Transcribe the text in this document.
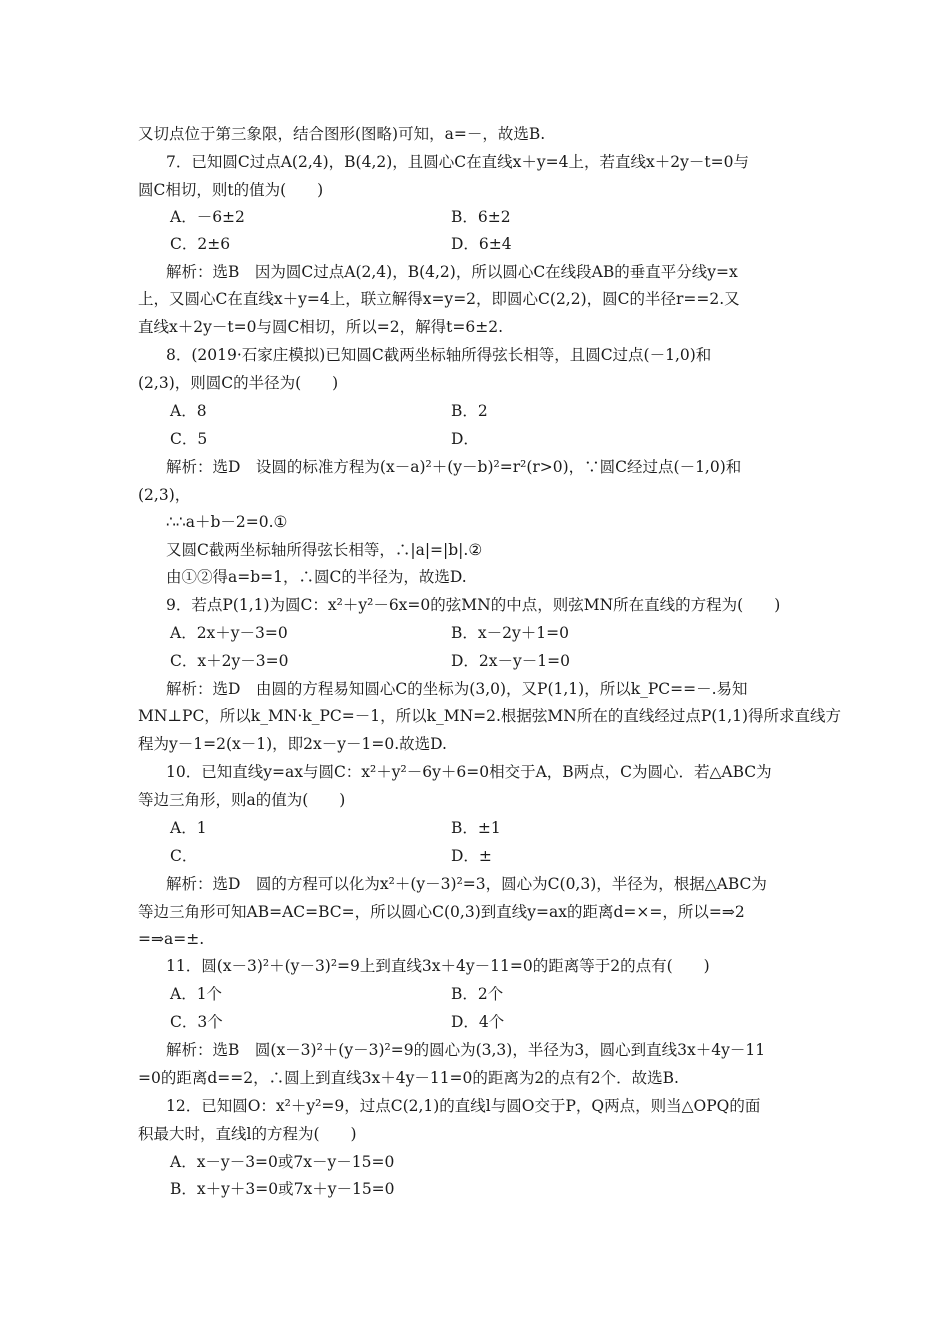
又切点位于第三象限，结合图形(图略)可知，a=－，故选B.
7．已知圆C过点A(2,4)，B(4,2)，且圆心C在直线x＋y=4上，若直线x＋2y－t=0与
圆C相切，则t的值为(　　)
A．－6±2	B．6±2
C．2±6	D．6±4
解析：选B　因为圆C过点A(2,4)，B(4,2)，所以圆心C在线段AB的垂直平分线y=x
上，又圆心C在直线x＋y=4上，联立解得x=y=2，即圆心C(2,2)，圆C的半径r==2.又
直线x＋2y－t=0与圆C相切，所以=2，解得t=6±2.
8．(2019·石家庄模拟)已知圆C截两坐标轴所得弦长相等，且圆C过点(－1,0)和
(2,3)，则圆C的半径为(　　)
A．8	B．2
C．5	D．
解析：选D　设圆的标准方程为(x－a)²＋(y－b)²=r²(r>0)，∵圆C经过点(－1,0)和
(2,3)，
∴∴a＋b－2=0.①
又圆C截两坐标轴所得弦长相等，∴|a|=|b|.②
由①②得a=b=1，∴圆C的半径为，故选D.
9．若点P(1,1)为圆C：x²＋y²－6x=0的弦MN的中点，则弦MN所在直线的方程为(　　)
A．2x＋y－3=0	B．x－2y＋1=0
C．x＋2y－3=0	D．2x－y－1=0
解析：选D　由圆的方程易知圆心C的坐标为(3,0)，又P(1,1)，所以k_PC==－.易知
MN⊥PC，所以k_MN·k_PC=－1，所以k_MN=2.根据弦MN所在的直线经过点P(1,1)得所求直线方
程为y－1=2(x－1)，即2x－y－1=0.故选D.
10．已知直线y=ax与圆C：x²＋y²－6y＋6=0相交于A，B两点，C为圆心．若△ABC为
等边三角形，则a的值为(　　)
A．1	B．±1
C．	D．±
解析：选D　圆的方程可以化为x²＋(y－3)²=3，圆心为C(0,3)，半径为，根据△ABC为
等边三角形可知AB=AC=BC=，所以圆心C(0,3)到直线y=ax的距离d=×=，所以=⇒2
=⇒a=±.
11．圆(x－3)²＋(y－3)²=9上到直线3x＋4y－11=0的距离等于2的点有(　　)
A．1个	B．2个
C．3个	D．4个
解析：选B　圆(x－3)²＋(y－3)²=9的圆心为(3,3)，半径为3，圆心到直线3x＋4y－11
=0的距离d==2，∴圆上到直线3x＋4y－11=0的距离为2的点有2个．故选B.
12．已知圆O：x²＋y²=9，过点C(2,1)的直线l与圆O交于P，Q两点，则当△OPQ的面
积最大时，直线l的方程为(　　)
A．x－y－3=0或7x－y－15=0
B．x＋y＋3=0或7x＋y－15=0
